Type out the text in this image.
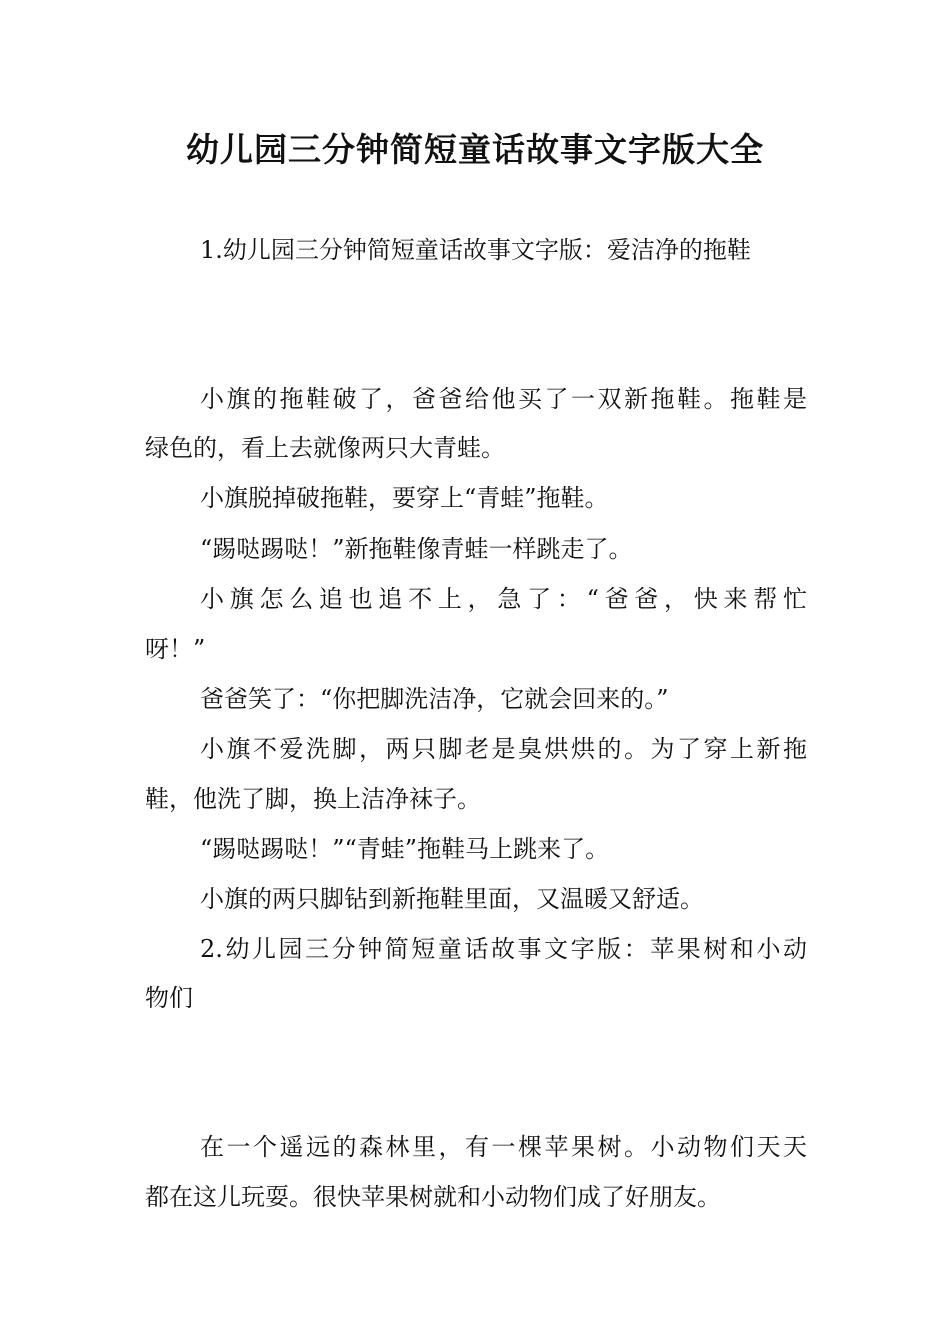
幼儿园三分钟简短童话故事文字版大全
1.幼儿园三分钟简短童话故事文字版：爱洁净的拖鞋
小旗的拖鞋破了，爸爸给他买了一双新拖鞋。拖鞋是
绿色的，看上去就像两只大青蛙。
小旗脱掉破拖鞋，要穿上“青蛙”拖鞋。
“踢哒踢哒！”新拖鞋像青蛙一样跳走了。
小旗怎么追也追不上，急了：“爸爸，快来帮忙
呀！”
爸爸笑了：“你把脚洗洁净，它就会回来的。”
小旗不爱洗脚，两只脚老是臭烘烘的。为了穿上新拖
鞋，他洗了脚，换上洁净袜子。
“踢哒踢哒！”“青蛙”拖鞋马上跳来了。
小旗的两只脚钻到新拖鞋里面，又温暖又舒适。
2.幼儿园三分钟简短童话故事文字版：苹果树和小动
物们
在一个遥远的森林里，有一棵苹果树。小动物们天天
都在这儿玩耍。很快苹果树就和小动物们成了好朋友。
